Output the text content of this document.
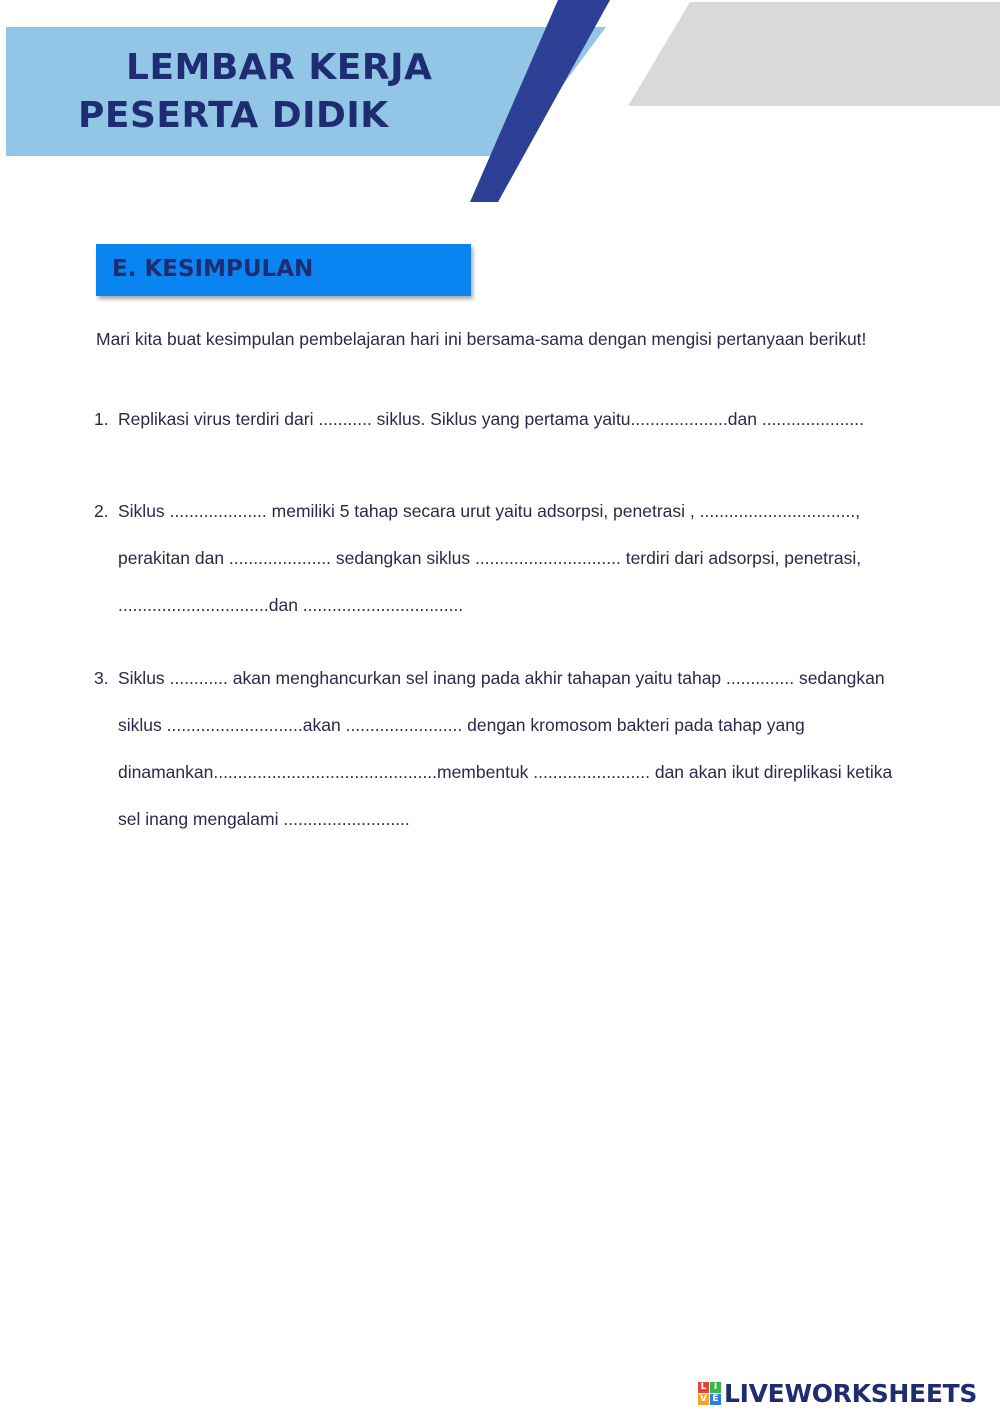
LEMBAR KERJA
PESERTA DIDIK
E. KESIMPULAN

Mari kita buat kesimpulan pembelajaran hari ini bersama-sama dengan mengisi pertanyaan berikut!

1. Replikasi virus terdiri dari ........... siklus. Siklus yang pertama yaitu....................dan .....................
2. Siklus .................... memiliki 5 tahap secara urut yaitu adsorpsi, penetrasi , ................................,
perakitan dan ..................... sedangkan siklus .............................. terdiri dari adsorpsi, penetrasi,
...............................dan .................................
3. Siklus ............ akan menghancurkan sel inang pada akhir tahapan yaitu tahap .............. sedangkan
siklus ............................akan ........................ dengan kromosom bakteri pada tahap yang
dinamankan..............................................membentuk ........................ dan akan ikut direplikasi ketika
sel inang mengalami ..........................
L I
V E LIVEWORKSHEETS
